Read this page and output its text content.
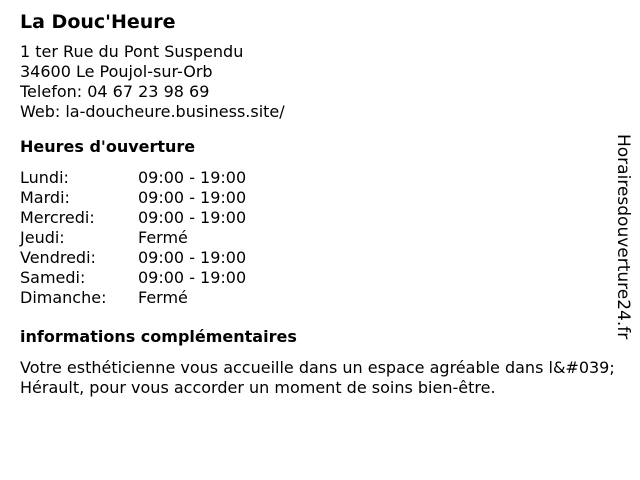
La Douc'Heure
1 ter Rue du Pont Suspendu
34600 Le Poujol-sur-Orb
Telefon: 04 67 23 98 69
Web: la-doucheure.business.site/
Heures d'ouverture
Lundi:	09:00 - 19:00
Mardi:	09:00 - 19:00
Mercredi:	09:00 - 19:00
Jeudi:	Fermé
Vendredi:	09:00 - 19:00
Samedi:	09:00 - 19:00
Dimanche:	Fermé
informations complémentaires

Votre esthéticienne vous accueille dans un espace agréable dans l&#039;Hérault, pour vous accorder un moment de soins bien-être.

Horairesdouverture24.fr
